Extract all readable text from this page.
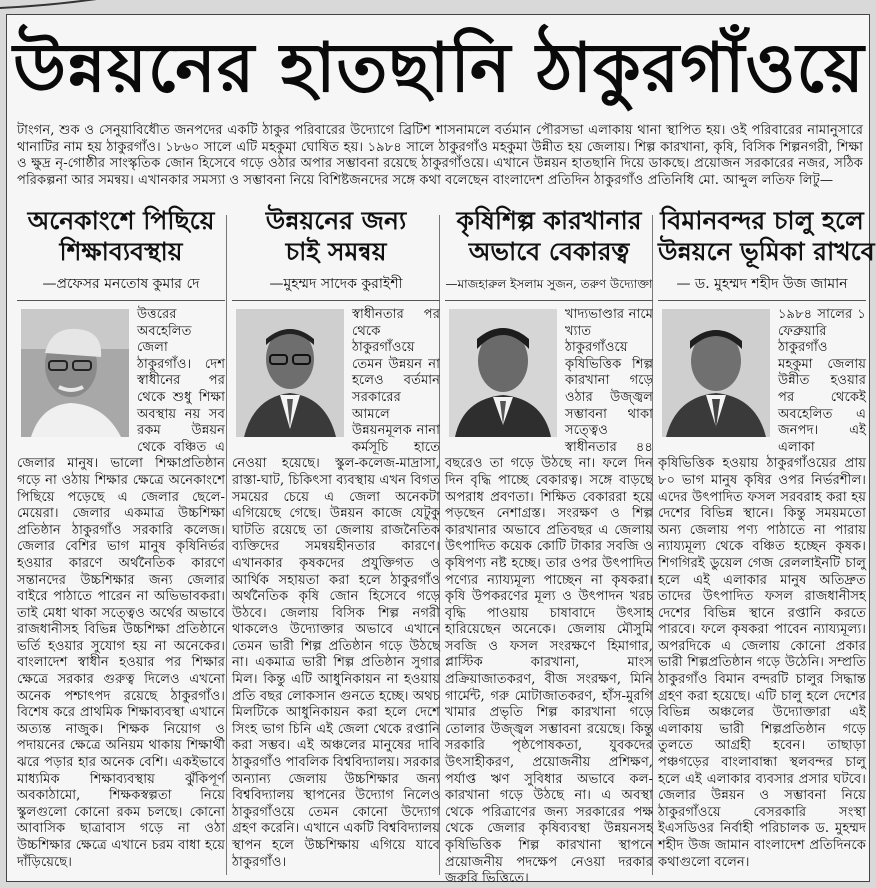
উন্নয়নের হাতছানি ঠাকুরগাঁওয়ে
টাংগন, শুক ও সেনুয়াবিধৌত জনপদের একটি ঠাকুর পরিবারের উদ্যোগে ব্রিটিশ শাসনামলে বর্তমান পৌরসভা এলাকায় থানা স্থাপিত হয়। ওই পরিবারের নামানুসারে থানাটির নাম হয় ঠাকুরগাঁও। ১৮৬০ সালে এটি মহকুমা ঘোষিত হয়। ১৯৮৪ সালে ঠাকুরগাঁও মহকুমা উন্নীত হয় জেলায়। শিল্প কারখানা, কৃষি, বিসিক শিল্পনগরী, শিক্ষা ও ক্ষুদ্র নৃ-গোষ্ঠীর সাংস্কৃতিক জোন হিসেবে গড়ে ওঠার অপার সম্ভাবনা রয়েছে ঠাকুরগাঁওয়ে। এখানে উন্নয়ন হাতছানি দিয়ে ডাকছে। প্রয়োজন সরকারের নজর, সঠিক পরিকল্পনা আর সমন্বয়। এখানকার সমস্যা ও সম্ভাবনা নিয়ে বিশিষ্টজনদের সঙ্গে কথা বলেছেন বাংলাদেশ প্রতিদিন ঠাকুরগাঁও প্রতিনিধি মো. আব্দুল লতিফ লিটু—
অনেকাংশে পিছিয়ে
শিক্ষাব্যবস্থায়
—প্রফেসর মনতোষ কুমার দে
উত্তরের অবহেলিত জেলা ঠাকুরগাঁও। দেশ স্বাধীনের পর থেকে শুধু শিক্ষা অবস্থায় নয় সব রকম উন্নয়ন থেকে বঞ্চিত এ জেলার মানুষ। ভালো শিক্ষাপ্রতিষ্ঠান গড়ে না ওঠায় শিক্ষার ক্ষেত্রে অনেকাংশে পিছিয়ে পড়েছে এ জেলার ছেলে-মেয়েরা। জেলার একমাত্র উচ্চশিক্ষা প্রতিষ্ঠান ঠাকুরগাঁও সরকারি কলেজ। জেলার বেশির ভাগ মানুষ কৃষিনির্ভর হওয়ার কারণে অর্থনৈতিক কারণে সন্তানদের উচ্চশিক্ষার জন্য জেলার বাইরে পাঠাতে পারেন না অভিভাবকরা। তাই মেধা থাকা সত্ত্বেও অর্থের অভাবে রাজধানীসহ বিভিন্ন উচ্চশিক্ষা প্রতিষ্ঠানে ভর্তি হওয়ার সুযোগ হয় না অনেকের। বাংলাদেশ স্বাধীন হওয়ার পর শিক্ষার ক্ষেত্রে সরকার গুরুত্ব দিলেও এখনো অনেক পশ্চাৎপদ রয়েছে ঠাকুরগাঁও। বিশেষ করে প্রাথমিক শিক্ষাব্যবস্থা এখানে অত্যন্ত নাজুক। শিক্ষক নিয়োগ ও পদায়নের ক্ষেত্রে অনিয়ম থাকায় শিক্ষার্থী ঝরে পড়ার হার অনেক বেশি। একইভাবে মাধ্যমিক শিক্ষাব্যবস্থায় ঝুঁকিপূর্ণ অবকাঠামো, শিক্ষকস্বল্পতা নিয়ে স্কুলগুলো কোনো রকম চলছে। কোনো আবাসিক ছাত্রাবাস গড়ে না ওঠা উচ্চশিক্ষার ক্ষেত্রে এখানে চরম বাধা হয়ে দাঁড়িয়েছে।
উন্নয়নের জন্য
চাই সমন্বয়
—মুহম্মদ সাদেক কুরাইশী
স্বাধীনতার পর থেকে ঠাকুরগাঁওয়ে তেমন উন্নয়ন না হলেও বর্তমান সরকারের আমলে উন্নয়নমূলক নানা কর্মসূচি হাতে নেওয়া হয়েছে। স্কুল-কলেজ-মাদ্রাসা, রাস্তা-ঘাট, চিকিৎসা ব্যবস্থায় এখন বিগত সময়ের চেয়ে এ জেলা অনেকটা এগিয়েছে গেছে। উন্নয়ন কাজে যেটুকু ঘাটতি রয়েছে তা জেলায় রাজনৈতিক ব্যক্তিদের সমন্বয়হীনতার কারণে। এখানকার কৃষকদের প্রযুক্তিগত ও আর্থিক সহায়তা করা হলে ঠাকুরগাঁও অর্থনৈতিক কৃষি জোন হিসেবে গড়ে উঠবে। জেলায় বিসিক শিল্প নগরী থাকলেও উদ্যোক্তার অভাবে এখানে তেমন ভারী শিল্প প্রতিষ্ঠান গড়ে উঠছে না। একমাত্র ভারী শিল্প প্রতিষ্ঠান সুগার মিল। কিন্তু এটি আধুনিকায়ন না হওয়ায় প্রতি বছর লোকসান গুনতে হচ্ছে। অথচ মিলটিকে আধুনিকায়ন করা হলে দেশে সিংহ ভাগ চিনি এই জেলা থেকে রপ্তানি করা সম্ভব। এই অঞ্চলের মানুষের দাবি ঠাকুরগাঁও পাবলিক বিশ্ববিদ্যালয়। সরকার অন্যান্য জেলায় উচ্চশিক্ষার জন্য বিশ্ববিদ্যালয় স্থাপনের উদ্যোগ নিলেও ঠাকুরগাঁওয়ে তেমন কোনো উদ্যোগ গ্রহণ করেনি। এখানে একটি বিশ্ববিদ্যালয় স্থাপন হলে উচ্চশিক্ষায় এগিয়ে যাবে ঠাকুরগাঁও।
কৃষিশিল্প কারখানার
অভাবে বেকারত্ব
—মাজহারুল ইসলাম সুজন, তরুণ উদ্যোক্তা
খাদ্যভাণ্ডার নামে খ্যাত ঠাকুরগাঁওয়ে কৃষিভিত্তিক শিল্প কারখানা গড়ে ওঠার উজ্জ্বল সম্ভাবনা থাকা সত্ত্বেও স্বাধীনতার ৪৪ বছরেও তা গড়ে উঠছে না। ফলে দিন দিন বৃদ্ধি পাচ্ছে বেকারত্ব। সঙ্গে বাড়ছে অপরাধ প্রবণতা। শিক্ষিত বেকাররা হয়ে পড়ছেন নেশাগ্রস্ত। সংরক্ষণ ও শিল্প কারখানার অভাবে প্রতিবছর এ জেলায় উৎপাদিত কয়েক কোটি টাকার সবজি ও কৃষিপণ্য নষ্ট হচ্ছে। তার ওপর উৎপাদিত পণ্যের ন্যায্যমূল্য পাচ্ছেন না কৃষকরা। কৃষি উপকরণের মূল্য ও উৎপাদন খরচ বৃদ্ধি পাওয়ায় চাষাবাদে উৎসাহ হারিয়েছেন অনেকে। জেলায় মৌসুমি সবজি ও ফসল সংরক্ষণে হিমাগার, প্লাস্টিক কারখানা, মাংস প্রক্রিয়াজাতকরণ, বীজ সংরক্ষণ, মিনি গার্মেন্ট, গরু মোটাজাতকরণ, হাঁস-মুরগি খামার প্রভৃতি শিল্প কারখানা গড়ে তোলার উজ্জ্বল সম্ভাবনা রয়েছে। কিন্তু সরকারি পৃষ্ঠপোষকতা, যুবকদের উৎসাহীকরণ, প্রয়োজনীয় প্রশিক্ষণ, পর্যাপ্ত ঋণ সুবিধার অভাবে কল-কারখানা গড়ে উঠছে না। এ অবস্থা থেকে পরিত্রাণের জন্য সরকারের পক্ষ থেকে জেলার কৃষিব্যবস্থা উন্নয়নসহ কৃষিভিত্তিক শিল্প কারখানা স্থাপনে প্রয়োজনীয় পদক্ষেপ নেওয়া দরকার জরুরি ভিত্তিতে।
বিমানবন্দর চালু হলে
উন্নয়নে ভূমিকা রাখবে
— ড. মুহম্মদ শহীদ উজ জামান
১৯৮৪ সালের ১ ফেব্রুয়ারি ঠাকুরগাঁও মহকুমা জেলায় উন্নীত হওয়ার পর থেকেই অবহেলিত এ জনপদ। এই এলাকা কৃষিভিত্তিক হওয়ায় ঠাকুরগাঁওয়ের প্রায় ৮০ ভাগ মানুষ কৃষির ওপর নির্ভরশীল। এদের উৎপাদিত ফসল সরবরাহ করা হয় দেশের বিভিন্ন স্থানে। কিন্তু সময়মতো অন্য জেলায় পণ্য পাঠাতে না পারায় ন্যায্যমূল্য থেকে বঞ্চিত হচ্ছেন কৃষক। শিগগিরই ডুয়েল গেজ রেললাইনটি চালু হলে এই এলাকার মানুষ অতিদ্রুত তাদের উৎপাদিত ফসল রাজধানীসহ দেশের বিভিন্ন স্থানে রপ্তানি করতে পারবে। ফলে কৃষকরা পাবেন ন্যায্যমূল্য। অপরদিকে এ জেলায় কোনো প্রকার ভারী শিল্পপ্রতিষ্ঠান গড়ে উঠেনি। সম্প্রতি ঠাকুরগাঁও বিমান বন্দরটি চালুর সিদ্ধান্ত গ্রহণ করা হয়েছে। এটি চালু হলে দেশের বিভিন্ন অঞ্চলের উদ্যোক্তারা এই এলাকায় ভারী শিল্পপ্রতিষ্ঠান গড়ে তুলতে আগ্রহী হবেন। তাছাড়া পঞ্চগড়ের বাংলাবান্ধা স্থলবন্দর চালু হলে এই এলাকার ব্যবসার প্রসার ঘটবে। জেলার উন্নয়ন ও সম্ভাবনা নিয়ে ঠাকুরগাঁওয়ে বেসরকারি সংস্থা ইএসডিওর নির্বাহী পরিচালক ড. মুহম্মদ শহীদ উজ জামান বাংলাদেশ প্রতিদিনকে কথাগুলো বলেন।
